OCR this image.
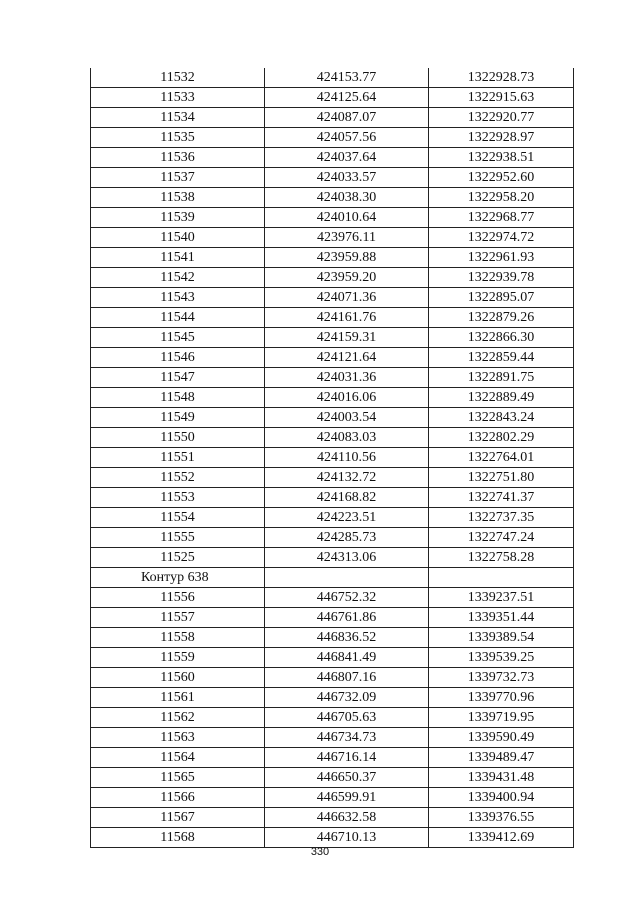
11532	424153.77	1322928.73
11533	424125.64	1322915.63
11534	424087.07	1322920.77
11535	424057.56	1322928.97
11536	424037.64	1322938.51
11537	424033.57	1322952.60
11538	424038.30	1322958.20
11539	424010.64	1322968.77
11540	423976.11	1322974.72
11541	423959.88	1322961.93
11542	423959.20	1322939.78
11543	424071.36	1322895.07
11544	424161.76	1322879.26
11545	424159.31	1322866.30
11546	424121.64	1322859.44
11547	424031.36	1322891.75
11548	424016.06	1322889.49
11549	424003.54	1322843.24
11550	424083.03	1322802.29
11551	424110.56	1322764.01
11552	424132.72	1322751.80
11553	424168.82	1322741.37
11554	424223.51	1322737.35
11555	424285.73	1322747.24
11525	424313.06	1322758.28
Контур 638		
11556	446752.32	1339237.51
11557	446761.86	1339351.44
11558	446836.52	1339389.54
11559	446841.49	1339539.25
11560	446807.16	1339732.73
11561	446732.09	1339770.96
11562	446705.63	1339719.95
11563	446734.73	1339590.49
11564	446716.14	1339489.47
11565	446650.37	1339431.48
11566	446599.91	1339400.94
11567	446632.58	1339376.55
11568	446710.13	1339412.69
330
